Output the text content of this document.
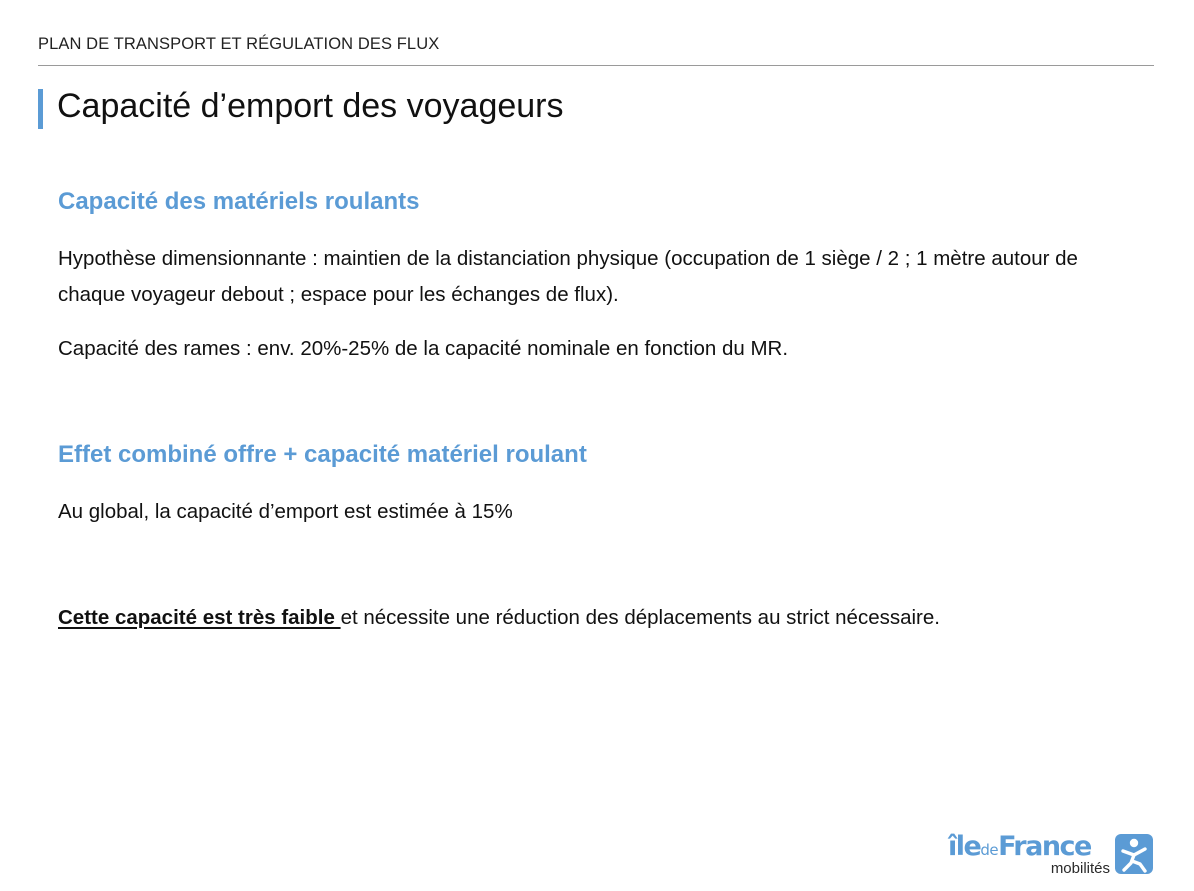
PLAN DE TRANSPORT ET RÉGULATION DES FLUX
Capacité d’emport des voyageurs
Capacité des matériels roulants

Hypothèse dimensionnante : maintien de la distanciation physique (occupation de 1 siège / 2 ; 1 mètre autour de chaque voyageur debout ; espace pour les échanges de flux).

Capacité des rames : env. 20%-25% de la capacité nominale en fonction du MR.

Effet combiné offre + capacité matériel roulant

Au global, la capacité d’emport est estimée à 15%

Cette capacité est très faible et nécessite une réduction des déplacements au strict nécessaire.

îledeFrance
mobilités
